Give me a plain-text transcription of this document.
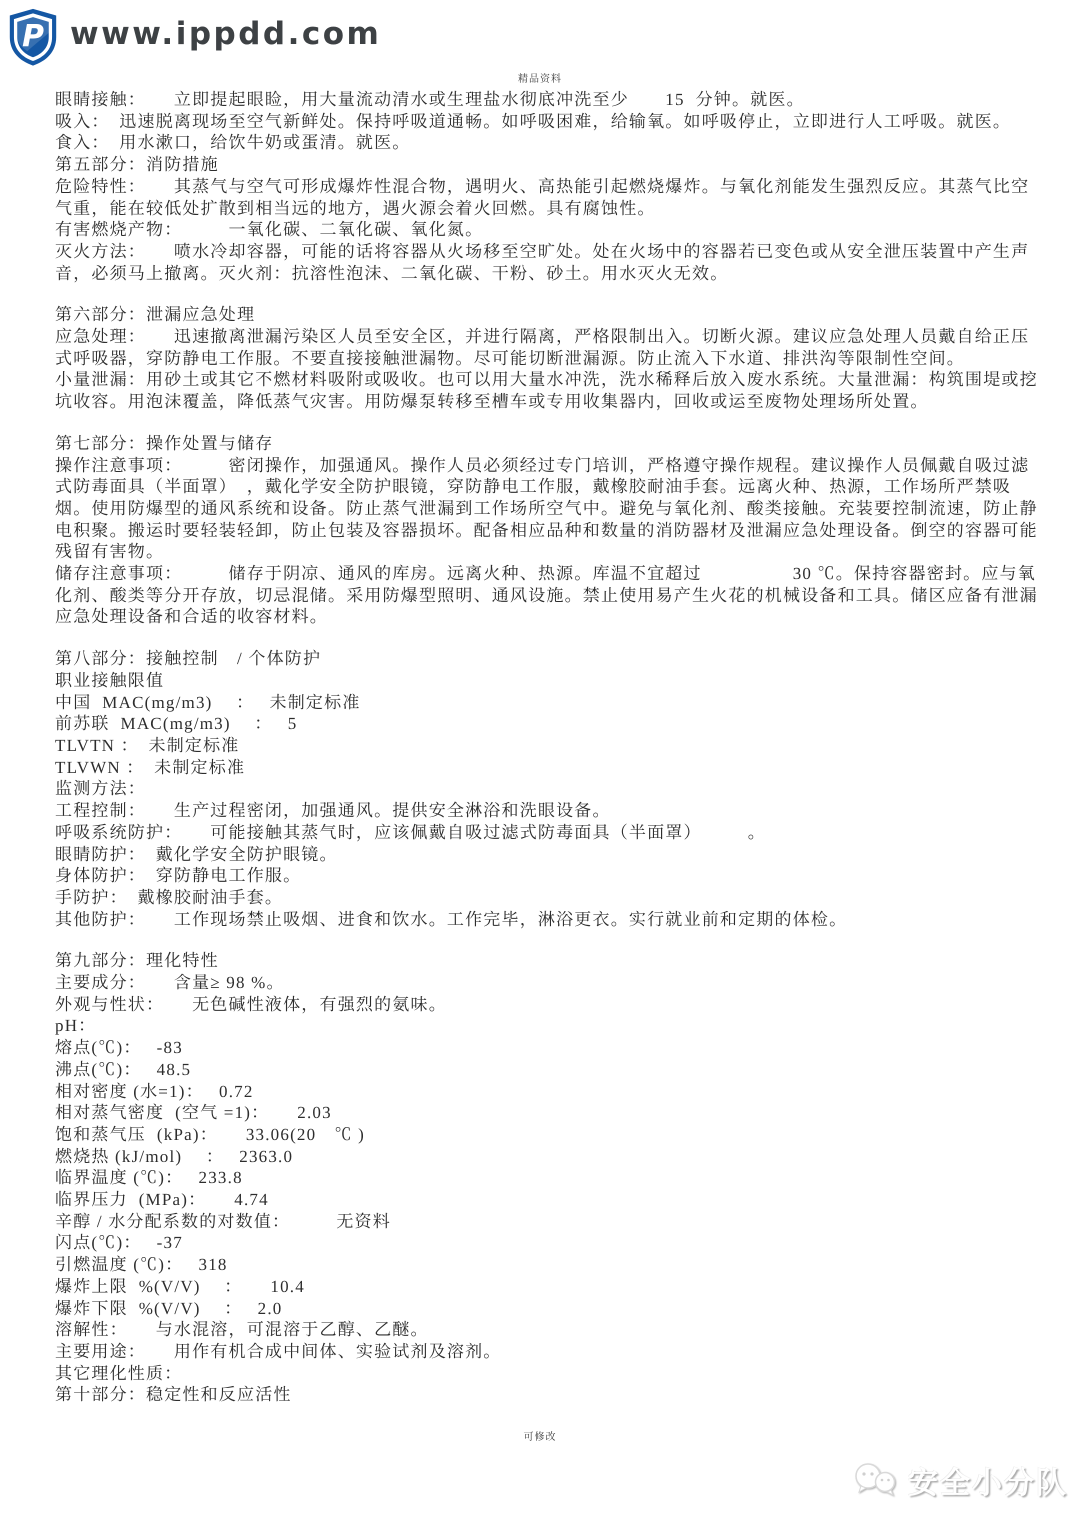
P www.ippdd.com
精品资料
眼睛接触：　　立即提起眼睑，用大量流动清水或生理盐水彻底冲洗至少　　15  分钟。就医。
吸入：　迅速脱离现场至空气新鲜处。保持呼吸道通畅。如呼吸困难，给输氧。如呼吸停止，立即进行人工呼吸。就医。
食入：　用水漱口，给饮牛奶或蛋清。就医。
第五部分：消防措施
危险特性：　　其蒸气与空气可形成爆炸性混合物，遇明火、高热能引起燃烧爆炸。与氧化剂能发生强烈反应。其蒸气比空气重，能在较低处扩散到相当远的地方，遇火源会着火回燃。具有腐蚀性。
有害燃烧产物：　　　一氧化碳、二氧化碳、氧化氮。
灭火方法：　　喷水冷却容器，可能的话将容器从火场移至空旷处。处在火场中的容器若已变色或从安全泄压装置中产生声音，必须马上撤离。灭火剂：抗溶性泡沫、二氧化碳、干粉、砂土。用水灭火无效。
第六部分：泄漏应急处理
应急处理：　　迅速撤离泄漏污染区人员至安全区，并进行隔离，严格限制出入。切断火源。建议应急处理人员戴自给正压式呼吸器，穿防静电工作服。不要直接接触泄漏物。尽可能切断泄漏源。防止流入下水道、排洪沟等限制性空间。
小量泄漏：用砂土或其它不燃材料吸附或吸收。也可以用大量水冲洗，洗水稀释后放入废水系统。大量泄漏：构筑围堤或挖坑收容。用泡沫覆盖，降低蒸气灾害。用防爆泵转移至槽车或专用收集器内，回收或运至废物处理场所处置。
第七部分：操作处置与储存
操作注意事项：　　　密闭操作，加强通风。操作人员必须经过专门培训，严格遵守操作规程。建议操作人员佩戴自吸过滤式防毒面具（半面罩）　，戴化学安全防护眼镜，穿防静电工作服，戴橡胶耐油手套。远离火种、热源，工作场所严禁吸烟。使用防爆型的通风系统和设备。防止蒸气泄漏到工作场所空气中。避免与氧化剂、酸类接触。充装要控制流速，防止静电积聚。搬运时要轻装轻卸，防止包装及容器损坏。配备相应品种和数量的消防器材及泄漏应急处理设备。倒空的容器可能残留有害物。
储存注意事项：　　　储存于阴凉、通风的库房。远离火种、热源。库温不宜超过　　　　　30 ℃。保持容器密封。应与氧化剂、酸类等分开存放，切忌混储。采用防爆型照明、通风设施。禁止使用易产生火花的机械设备和工具。储区应备有泄漏应急处理设备和合适的收容材料。
第八部分：接触控制　/ 个体防护
职业接触限值
中国  MAC(mg/m3)　 ：　 未制定标准
前苏联  MAC(mg/m3)　 ：　 5
TLVTN ：　未制定标准
TLVWN ：　未制定标准
监测方法：
工程控制：　　生产过程密闭，加强通风。提供安全淋浴和洗眼设备。
呼吸系统防护：　　可能接触其蒸气时，应该佩戴自吸过滤式防毒面具（半面罩）　　　。
眼睛防护：　戴化学安全防护眼镜。
身体防护：　穿防静电工作服。
手防护：　戴橡胶耐油手套。
其他防护：　　工作现场禁止吸烟、进食和饮水。工作完毕，淋浴更衣。实行就业前和定期的体检。
第九部分：理化特性
主要成分：　　含量≥ 98 %。
外观与性状：　　无色碱性液体，有强烈的氨味。
pH：
熔点(℃)：　 -83
沸点(℃)：　 48.5
相对密度 (水=1)：　 0.72
相对蒸气密度  (空气 =1)：　　2.03
饱和蒸气压  (kPa)：　　33.06(20　℃ )
燃烧热 (kJ/mol)　 ：　 2363.0
临界温度 (℃)：　 233.8
临界压力  (MPa)：　　4.74
辛醇 / 水分配系数的对数值：　　　无资料
闪点(℃)：　 -37
引燃温度 (℃)：　 318
爆炸上限  %(V/V)　 ：　　10.4
爆炸下限  %(V/V)　 ：　 2.0
溶解性：　　与水混溶，可混溶于乙醇、乙醚。
主要用途：　　用作有机合成中间体、实验试剂及溶剂。
其它理化性质：
第十部分：稳定性和反应活性
可修改
安全小分队
